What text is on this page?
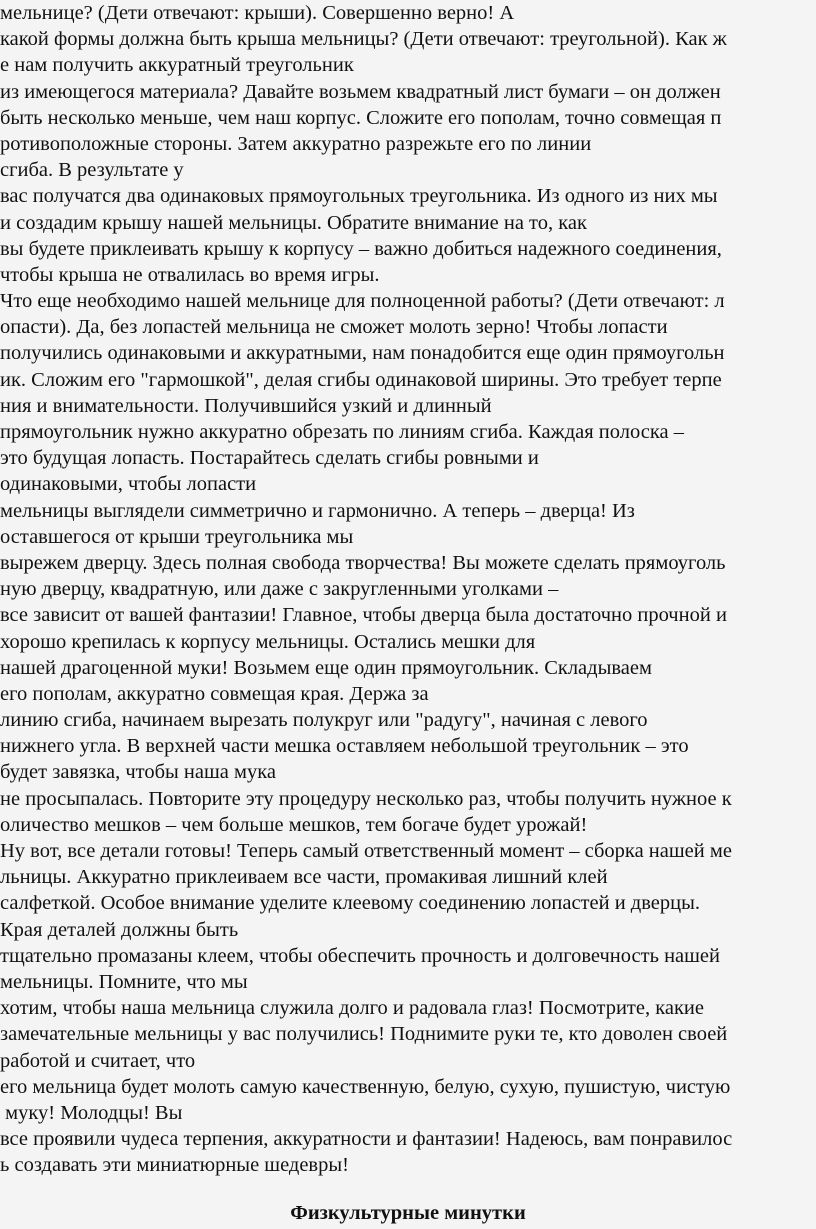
мельнице? (Дети отвечают: крыши). Совершенно верно! А
какой формы должна быть крыша мельницы? (Дети отвечают: треугольной). Как ж
е нам получить аккуратный треугольник
из имеющегося материала? Давайте возьмем квадратный лист бумаги – он должен
быть несколько меньше, чем наш корпус. Сложите его пополам, точно совмещая п
ротивоположные стороны. Затем аккуратно разрежьте его по линии
сгиба. В результате у
вас получатся два одинаковых прямоугольных треугольника. Из одного из них мы
и создадим крышу нашей мельницы. Обратите внимание на то, как
вы будете приклеивать крышу к корпусу – важно добиться надежного соединения,
чтобы крыша не отвалилась во время игры.
Что еще необходимо нашей мельнице для полноценной работы? (Дети отвечают: л
опасти). Да, без лопастей мельница не сможет молоть зерно! Чтобы лопасти
получились одинаковыми и аккуратными, нам понадобится еще один прямоугольн
ик. Сложим его "гармошкой", делая сгибы одинаковой ширины. Это требует терпе
ния и внимательности. Получившийся узкий и длинный
прямоугольник нужно аккуратно обрезать по линиям сгиба. Каждая полоска –
это будущая лопасть. Постарайтесь сделать сгибы ровными и
одинаковыми, чтобы лопасти
мельницы выглядели симметрично и гармонично. А теперь – дверца! Из
оставшегося от крыши треугольника мы
вырежем дверцу. Здесь полная свобода творчества! Вы можете сделать прямоуголь
ную дверцу, квадратную, или даже с закругленными уголками –
все зависит от вашей фантазии! Главное, чтобы дверца была достаточно прочной и
хорошо крепилась к корпусу мельницы. Остались мешки для
нашей драгоценной муки! Возьмем еще один прямоугольник. Складываем
его пополам, аккуратно совмещая края. Держа за
линию сгиба, начинаем вырезать полукруг или "радугу", начиная с левого
нижнего угла. В верхней части мешка оставляем небольшой треугольник – это
будет завязка, чтобы наша мука
не просыпалась. Повторите эту процедуру несколько раз, чтобы получить нужное к
оличество мешков – чем больше мешков, тем богаче будет урожай!
Ну вот, все детали готовы! Теперь самый ответственный момент – сборка нашей ме
льницы. Аккуратно приклеиваем все части, промакивая лишний клей
салфеткой. Особое внимание уделите клеевому соединению лопастей и дверцы.
Края деталей должны быть
тщательно промазаны клеем, чтобы обеспечить прочность и долговечность нашей
мельницы. Помните, что мы
хотим, чтобы наша мельница служила долго и радовала глаз! Посмотрите, какие
замечательные мельницы у вас получились! Поднимите руки те, кто доволен своей
работой и считает, что
его мельница будет молоть самую качественную, белую, сухую, пушистую, чистую
муку! Молодцы! Вы
все проявили чудеса терпения, аккуратности и фантазии! Надеюсь, вам понравилос
ь создавать эти миниатюрные шедевры!
Физкультурные минутки
